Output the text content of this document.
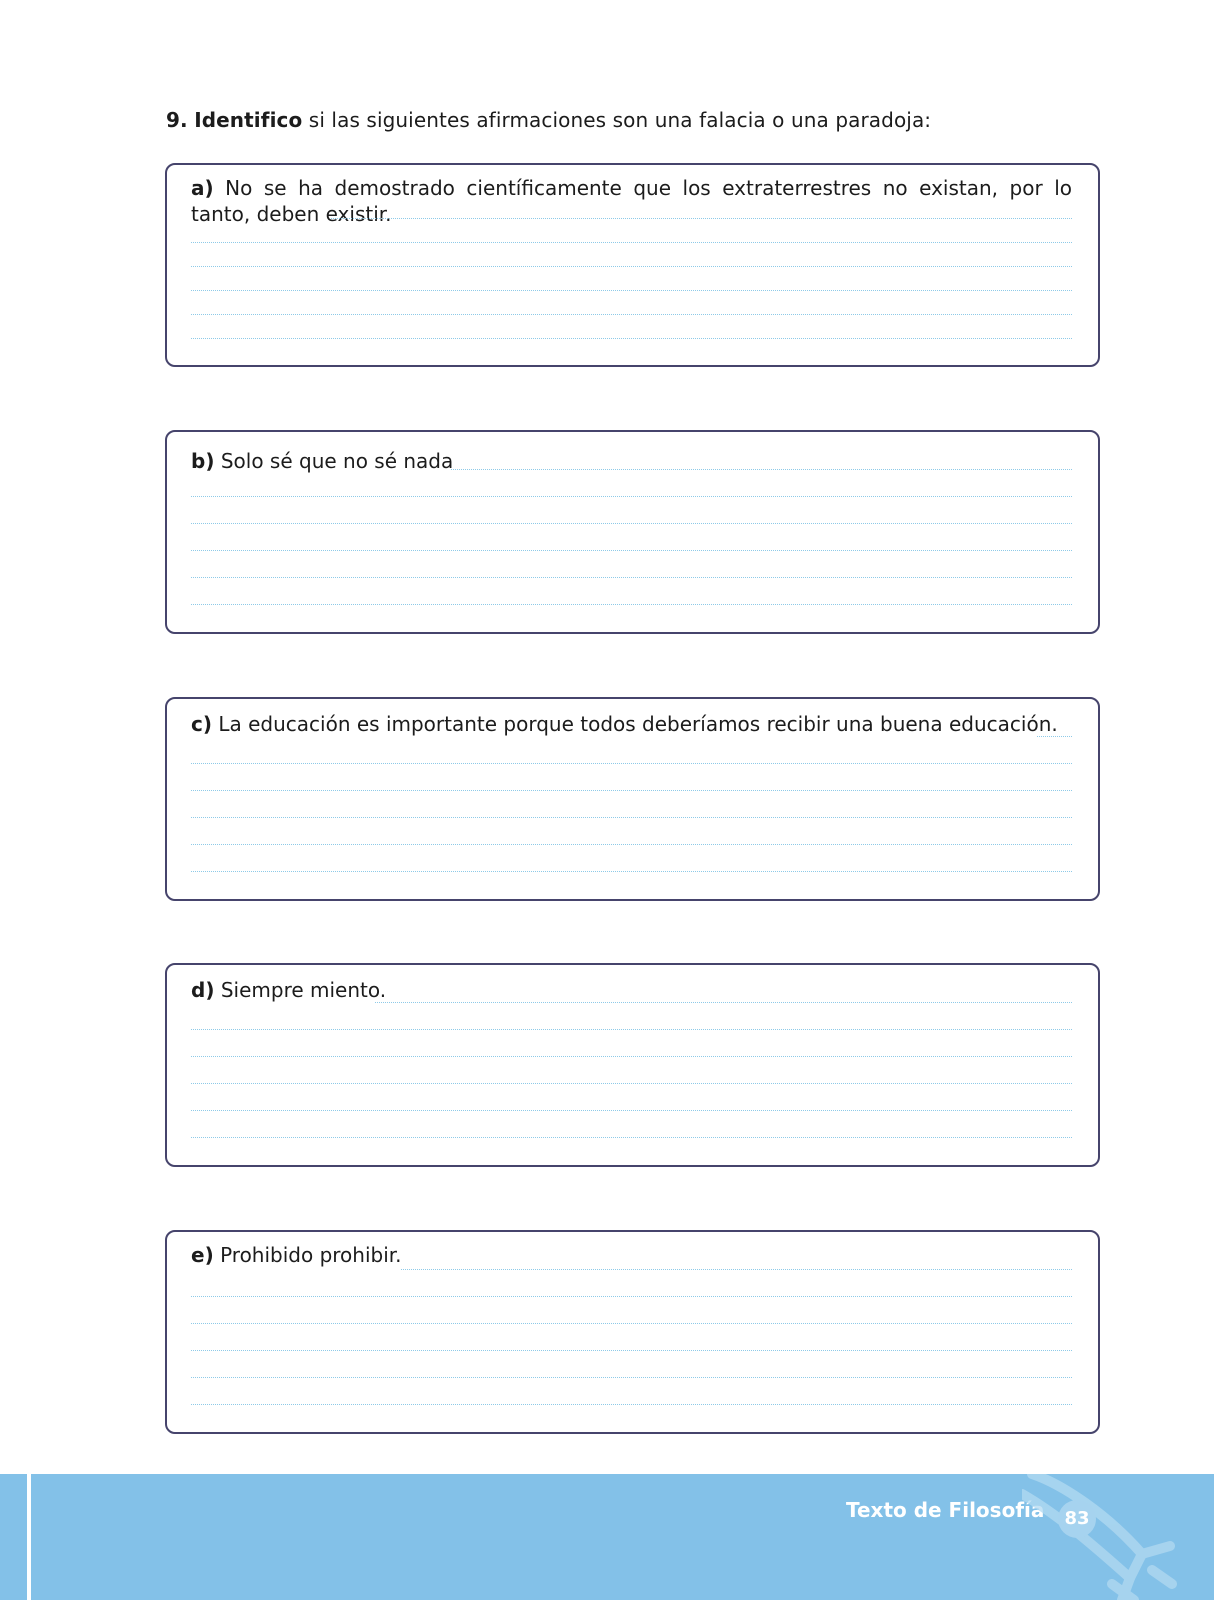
9. Identifico si las siguientes afirmaciones son una falacia o una paradoja:
a) No se ha demostrado científicamente que los extraterrestres no existan, por lo tanto, deben existir.
b) Solo sé que no sé nada
c) La educación es importante porque todos deberíamos recibir una buena educación.
d) Siempre miento.
e) Prohibido prohibir.
Texto de Filosofía	83
